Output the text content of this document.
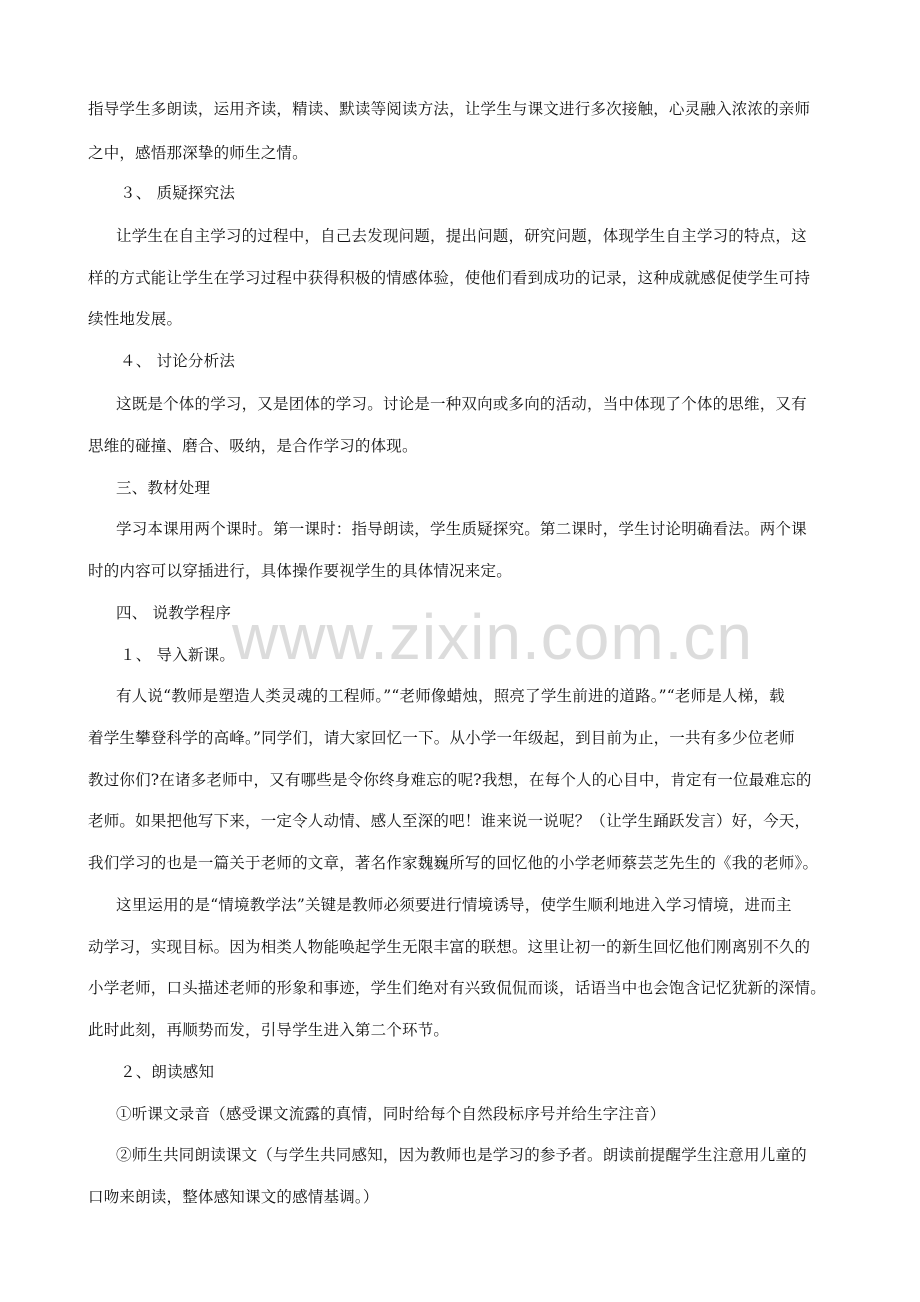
指导学生多朗读，运用齐读，精读、默读等阅读方法，让学生与课文进行多次接触，心灵融入浓浓的亲师
之中，感悟那深挚的师生之情。
３、 质疑探究法
让学生在自主学习的过程中，自己去发现问题，提出问题，研究问题，体现学生自主学习的特点，这
样的方式能让学生在学习过程中获得积极的情感体验，使他们看到成功的记录，这种成就感促使学生可持
续性地发展。
４、 讨论分析法
这既是个体的学习，又是团体的学习。讨论是一种双向或多向的活动，当中体现了个体的思维，又有
思维的碰撞、磨合、吸纳，是合作学习的体现。
三、教材处理
学习本课用两个课时。第一课时：指导朗读，学生质疑探究。第二课时，学生讨论明确看法。两个课
时的内容可以穿插进行，具体操作要视学生的具体情况来定。
四、 说教学程序
１、 导入新课。
有人说“教师是塑造人类灵魂的工程师。”“老师像蜡烛，照亮了学生前进的道路。”“老师是人梯，载
着学生攀登科学的高峰。”同学们，请大家回忆一下。从小学一年级起，到目前为止，一共有多少位老师
教过你们?在诸多老师中，又有哪些是令你终身难忘的呢?我想，在每个人的心目中，肯定有一位最难忘的
老师。如果把他写下来，一定令人动情、感人至深的吧！谁来说一说呢？（让学生踊跃发言）好，今天，
我们学习的也是一篇关于老师的文章，著名作家魏巍所写的回忆他的小学老师蔡芸芝先生的《我的老师》。
这里运用的是“情境教学法”关键是教师必须要进行情境诱导，使学生顺利地进入学习情境，进而主
动学习，实现目标。因为相类人物能唤起学生无限丰富的联想。这里让初一的新生回忆他们刚离别不久的
小学老师，口头描述老师的形象和事迹，学生们绝对有兴致侃侃而谈，话语当中也会饱含记忆犹新的深情。
此时此刻，再顺势而发，引导学生进入第二个环节。
２、朗读感知
①听课文录音（感受课文流露的真情，同时给每个自然段标序号并给生字注音）
②师生共同朗读课文（与学生共同感知，因为教师也是学习的参予者。朗读前提醒学生注意用儿童的
口吻来朗读，整体感知课文的感情基调。）
www.zixin.com.cn
